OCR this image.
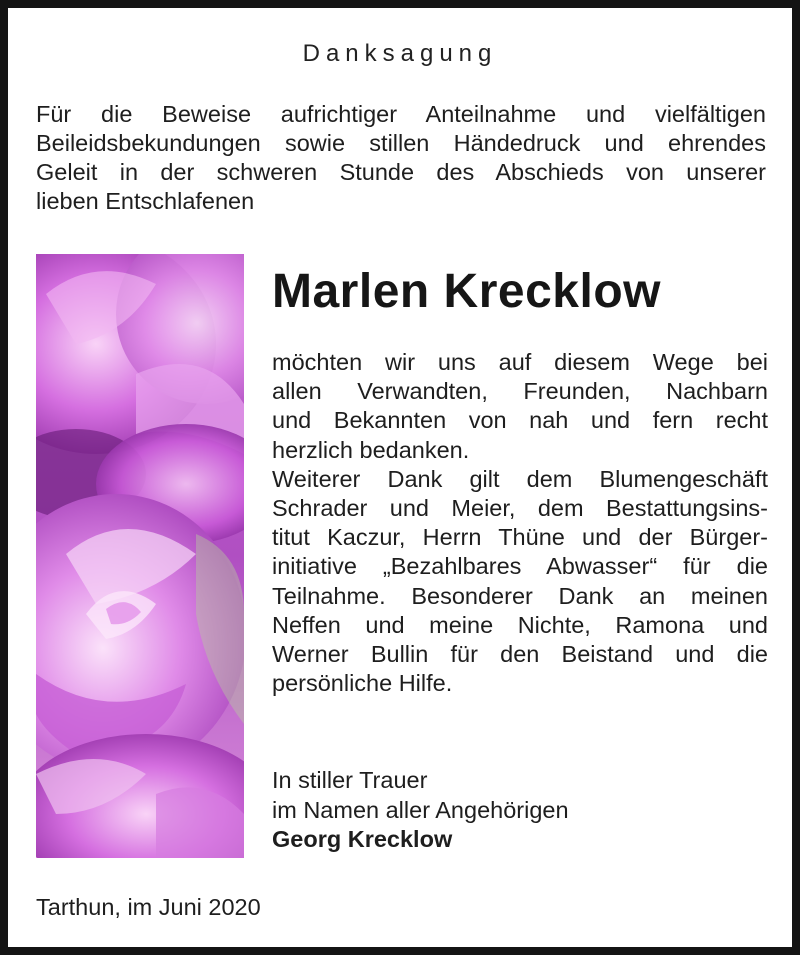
Danksagung
Für die Beweise aufrichtiger Anteilnahme und vielfältigen
Beileidsbekundungen sowie stillen Händedruck und ehrendes
Geleit in der schweren Stunde des Abschieds von unserer
lieben Entschlafenen
Marlen Krecklow
möchten wir uns auf diesem Wege bei
allen Verwandten, Freunden, Nachbarn
und Bekannten von nah und fern recht
herzlich bedanken.
Weiterer Dank gilt dem Blumengeschäft
Schrader und Meier, dem Bestattungsins-
titut Kaczur, Herrn Thüne und der Bürger-
initiative „Bezahlbares Abwasser“ für die
Teilnahme. Besonderer Dank an meinen
Neffen und meine Nichte, Ramona und
Werner Bullin für den Beistand und die
persönliche Hilfe.
In stiller Trauer
im Namen aller Angehörigen
Georg Krecklow
Tarthun, im Juni 2020
